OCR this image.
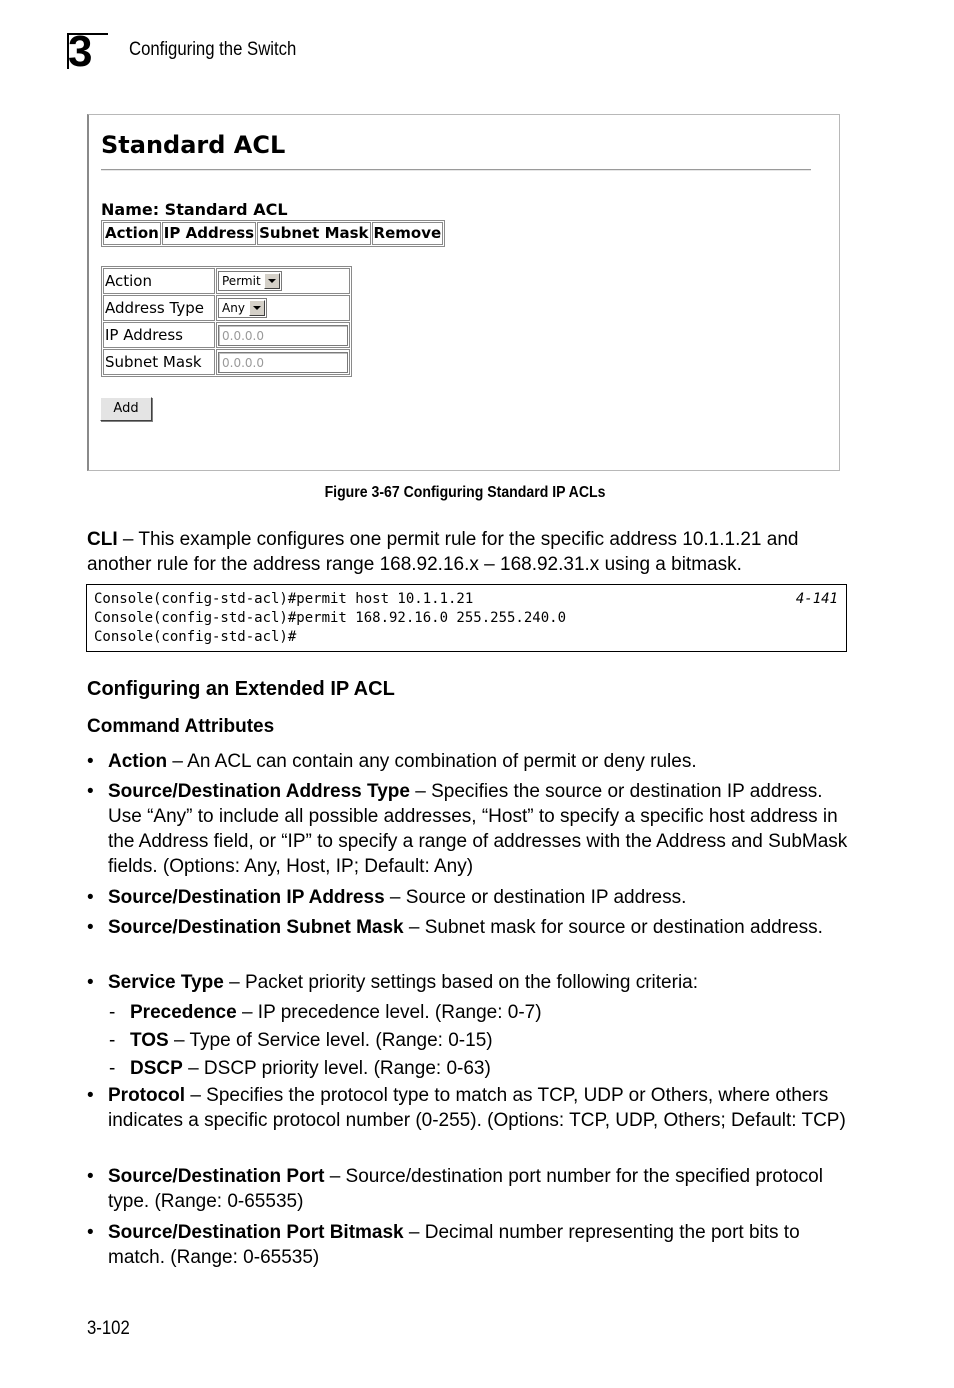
3 Configuring the Switch
Standard ACL
Name: Standard ACL
Action	IP Address	Subnet Mask	Remove
Action	Permit

Address Type	Any

IP Address	0.0.0.0
Subnet Mask	0.0.0.0
Add
Figure 3-67 Configuring Standard IP ACLs
CLI – This example configures one permit rule for the specific address 10.1.1.21 and another rule for the address range 168.92.16.x – 168.92.31.x using a bitmask.
Console(config-std-acl)#permit host 10.1.1.21
Console(config-std-acl)#permit 168.92.16.0 255.255.240.0
Console(config-std-acl)#
4-141
Configuring an Extended IP ACL
Command Attributes
• Action – An ACL can contain any combination of permit or deny rules.
• Source/Destination Address Type – Specifies the source or destination IP address. Use “Any” to include all possible addresses, “Host” to specify a specific host address in the Address field, or “IP” to specify a range of addresses with the Address and SubMask fields. (Options: Any, Host, IP; Default: Any)
• Source/Destination IP Address – Source or destination IP address.
• Source/Destination Subnet Mask – Subnet mask for source or destination address.
• Service Type – Packet priority settings based on the following criteria:
- Precedence – IP precedence level. (Range: 0-7)
- TOS – Type of Service level. (Range: 0-15)
- DSCP – DSCP priority level. (Range: 0-63)
• Protocol – Specifies the protocol type to match as TCP, UDP or Others, where others indicates a specific protocol number (0-255). (Options: TCP, UDP, Others; Default: TCP)
• Source/Destination Port – Source/destination port number for the specified protocol type. (Range: 0-65535)
• Source/Destination Port Bitmask – Decimal number representing the port bits to match. (Range: 0-65535)
3-102
